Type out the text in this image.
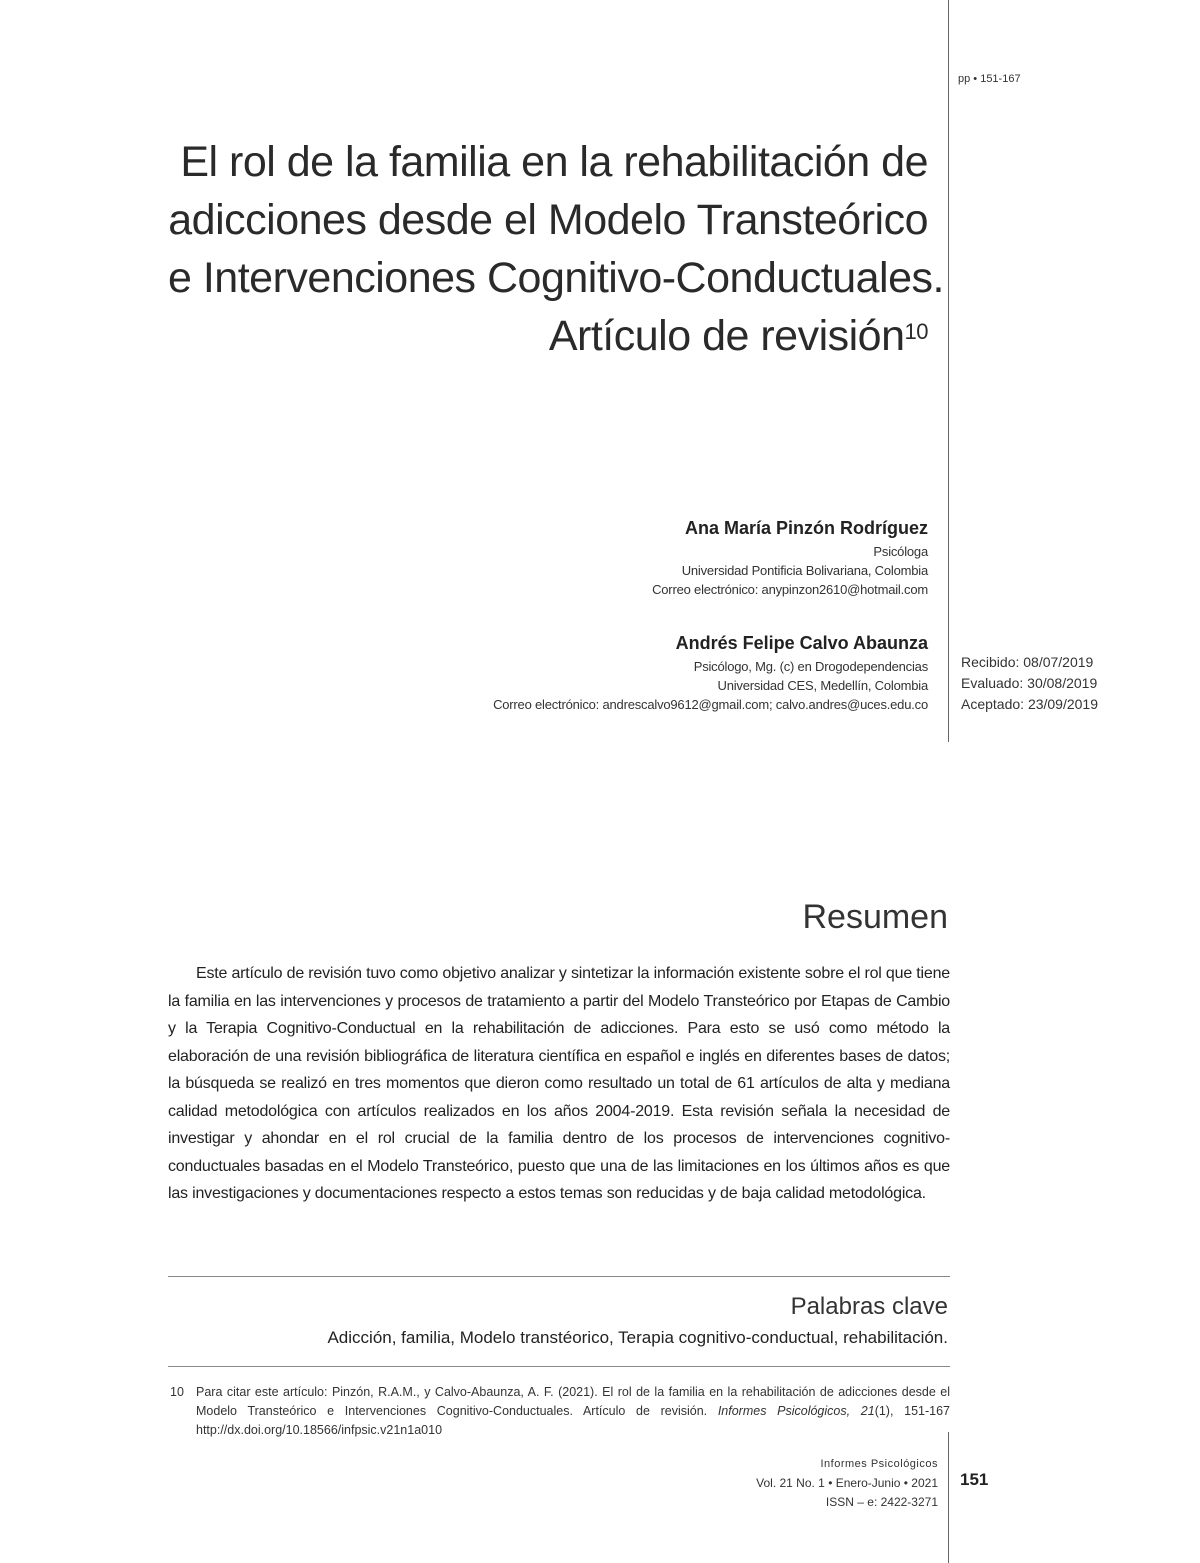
pp • 151-167
El rol de la familia en la rehabilitación de
adicciones desde el Modelo Transteórico
e Intervenciones Cognitivo-Conductuales.
Artículo de revisión$^{10}$
Ana María Pinzón Rodríguez
Psicóloga
Universidad Pontificia Bolivariana, Colombia
Correo electrónico: anypinzon2610@hotmail.com
Andrés Felipe Calvo Abaunza
Psicólogo, Mg. (c) en Drogodependencias
Universidad CES, Medellín, Colombia
Correo electrónico: andrescalvo9612@gmail.com; calvo.andres@uces.edu.co
Recibido: 08/07/2019
Evaluado: 30/08/2019
Aceptado: 23/09/2019
Resumen
Este artículo de revisión tuvo como objetivo analizar y sintetizar la información existente sobre el rol que tiene la familia en las intervenciones y procesos de tratamiento a partir del Modelo Transteórico por Etapas de Cambio y la Terapia Cognitivo-Conductual en la rehabilitación de adicciones. Para esto se usó como método la elaboración de una revisión bibliográfica de literatura científica en español e inglés en diferentes bases de datos; la búsqueda se realizó en tres momentos que dieron como resultado un total de 61 artículos de alta y mediana calidad metodológica con artículos realizados en los años 2004-2019. Esta revisión señala la necesidad de investigar y ahondar en el rol crucial de la familia dentro de los procesos de intervenciones cognitivo-conductuales basadas en el Modelo Transteórico, puesto que una de las limitaciones en los últimos años es que las investigaciones y documentaciones respecto a estos temas son reducidas y de baja calidad metodológica.
Palabras clave
Adicción, familia, Modelo transtéorico, Terapia cognitivo-conductual, rehabilitación.
10 Para citar este artículo: Pinzón, R.A.M., y Calvo-Abaunza, A. F. (2021). El rol de la familia en la rehabilitación de adicciones desde el Modelo Transteórico e Intervenciones Cognitivo-Conductuales. Artículo de revisión. Informes Psicológicos, 21(1), 151-167 http://dx.doi.org/10.18566/infpsic.v21n1a010
Informes Psicológicos
Vol. 21 No. 1 • Enero-Junio • 2021
ISSN – e: 2422-3271
151
